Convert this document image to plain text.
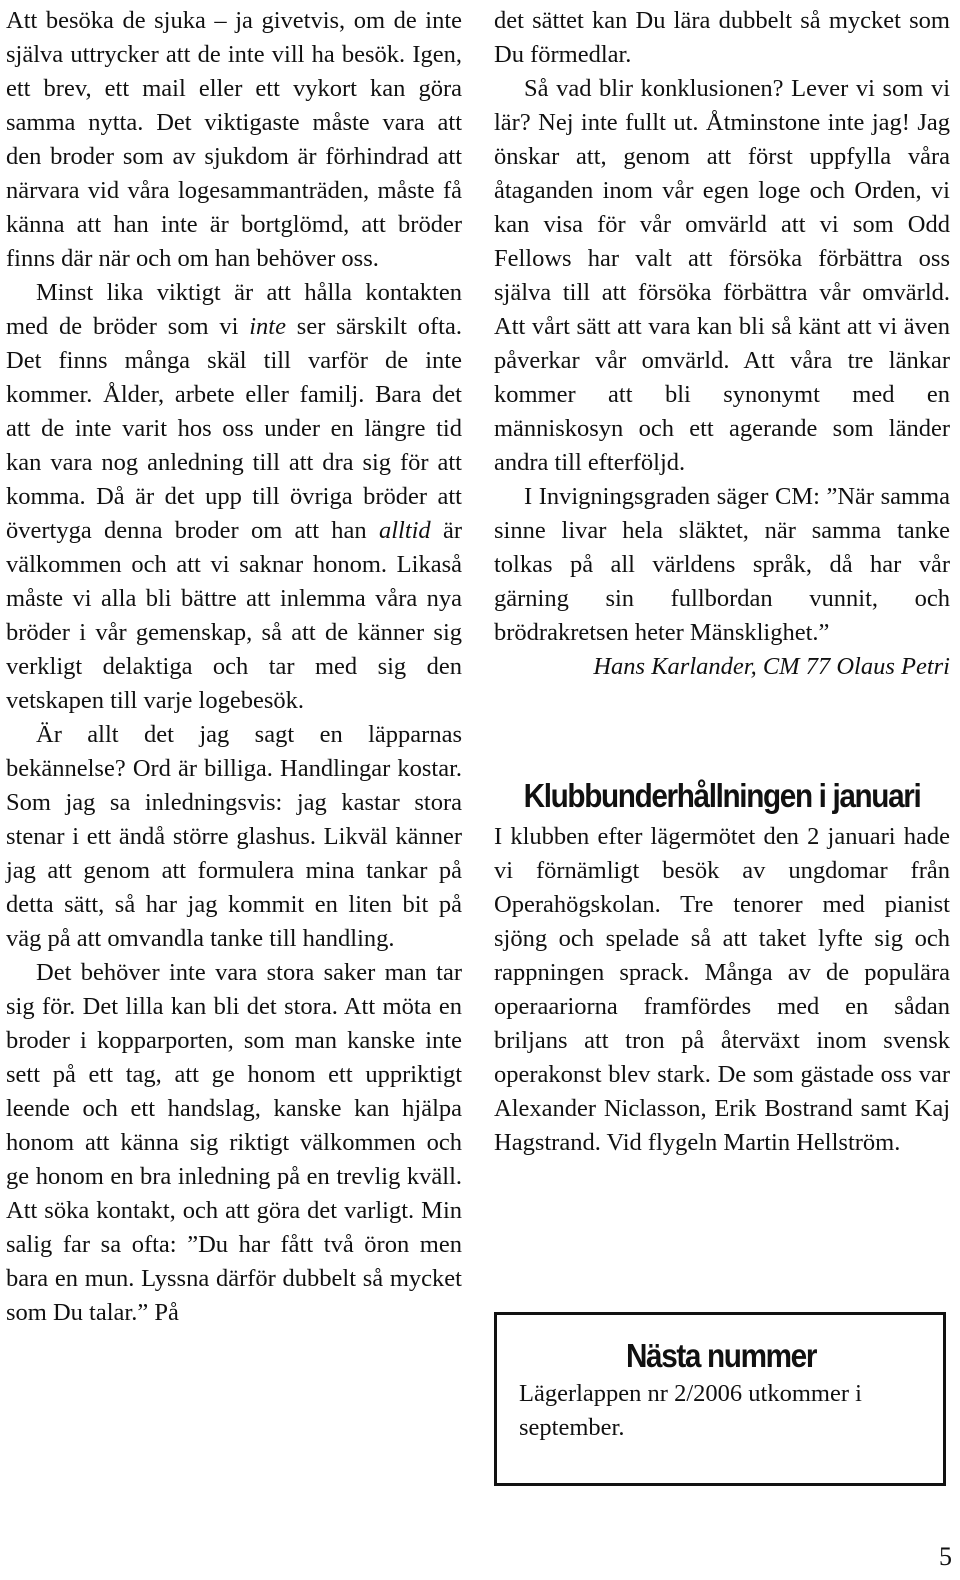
Att besöka de sjuka – ja givetvis, om de inte själva uttrycker att de inte vill ha besök. Igen, ett brev, ett mail eller ett vykort kan göra samma nytta. Det viktigaste måste vara att den broder som av sjukdom är förhindrad att närvara vid våra logesammanträden, måste få känna att han inte är bortglömd, att bröder finns där när och om han behöver oss.

Minst lika viktigt är att hålla kontakten med de bröder som vi inte ser särskilt ofta. Det finns många skäl till varför de inte kommer. Ålder, arbete eller familj. Bara det att de inte varit hos oss under en längre tid kan vara nog anledning till att dra sig för att komma. Då är det upp till övriga bröder att övertyga denna broder om att han alltid är välkommen och att vi saknar honom. Likaså måste vi alla bli bättre att inlemma våra nya bröder i vår gemenskap, så att de känner sig verkligt delaktiga och tar med sig den vetskapen till varje logebesök.

Är allt det jag sagt en läpparnas bekännelse? Ord är billiga. Handlingar kostar. Som jag sa inledningsvis: jag kastar stora stenar i ett ändå större glashus. Likväl känner jag att genom att formulera mina tankar på detta sätt, så har jag kommit en liten bit på väg på att omvandla tanke till handling.

Det behöver inte vara stora saker man tar sig för. Det lilla kan bli det stora. Att möta en broder i kopparporten, som man kanske inte sett på ett tag, att ge honom ett uppriktigt leende och ett handslag, kanske kan hjälpa honom att känna sig riktigt välkommen och ge honom en bra inledning på en trevlig kväll. Att söka kontakt, och att göra det varligt. Min salig far sa ofta: ”Du har fått två öron men bara en mun. Lyssna därför dubbelt så mycket som Du talar.” På

det sättet kan Du lära dubbelt så mycket som Du förmedlar.

Så vad blir konklusionen? Lever vi som vi lär? Nej inte fullt ut. Åtminstone inte jag! Jag önskar att, genom att först uppfylla våra åtaganden inom vår egen loge och Orden, vi kan visa för vår omvärld att vi som Odd Fellows har valt att försöka förbättra oss själva till att försöka förbättra vår omvärld. Att vårt sätt att vara kan bli så känt att vi även påverkar vår omvärld. Att våra tre länkar kommer att bli synonymt med en människosyn och ett agerande som länder andra till efterföljd.

I Invigningsgraden säger CM: ”När samma sinne livar hela släktet, när samma tanke tolkas på all världens språk, då har vår gärning sin fullbordan vunnit, och brödrakretsen heter Mänsklighet.”

Hans Karlander, CM 77 Olaus Petri

Klubbunderhållningen i januari

I klubben efter lägermötet den 2 januari hade vi förnämligt besök av ungdomar från Operahögskolan. Tre tenorer med pianist sjöng och spelade så att taket lyfte sig och rappningen sprack. Många av de populära operaariorna framfördes med en sådan briljans att tron på återväxt inom svensk operakonst blev stark. De som gästade oss var Alexander Niclasson, Erik Bostrand samt Kaj Hagstrand. Vid flygeln Martin Hellström.

Nästa nummer

Lägerlappen nr 2/2006 utkommer i september.

5
